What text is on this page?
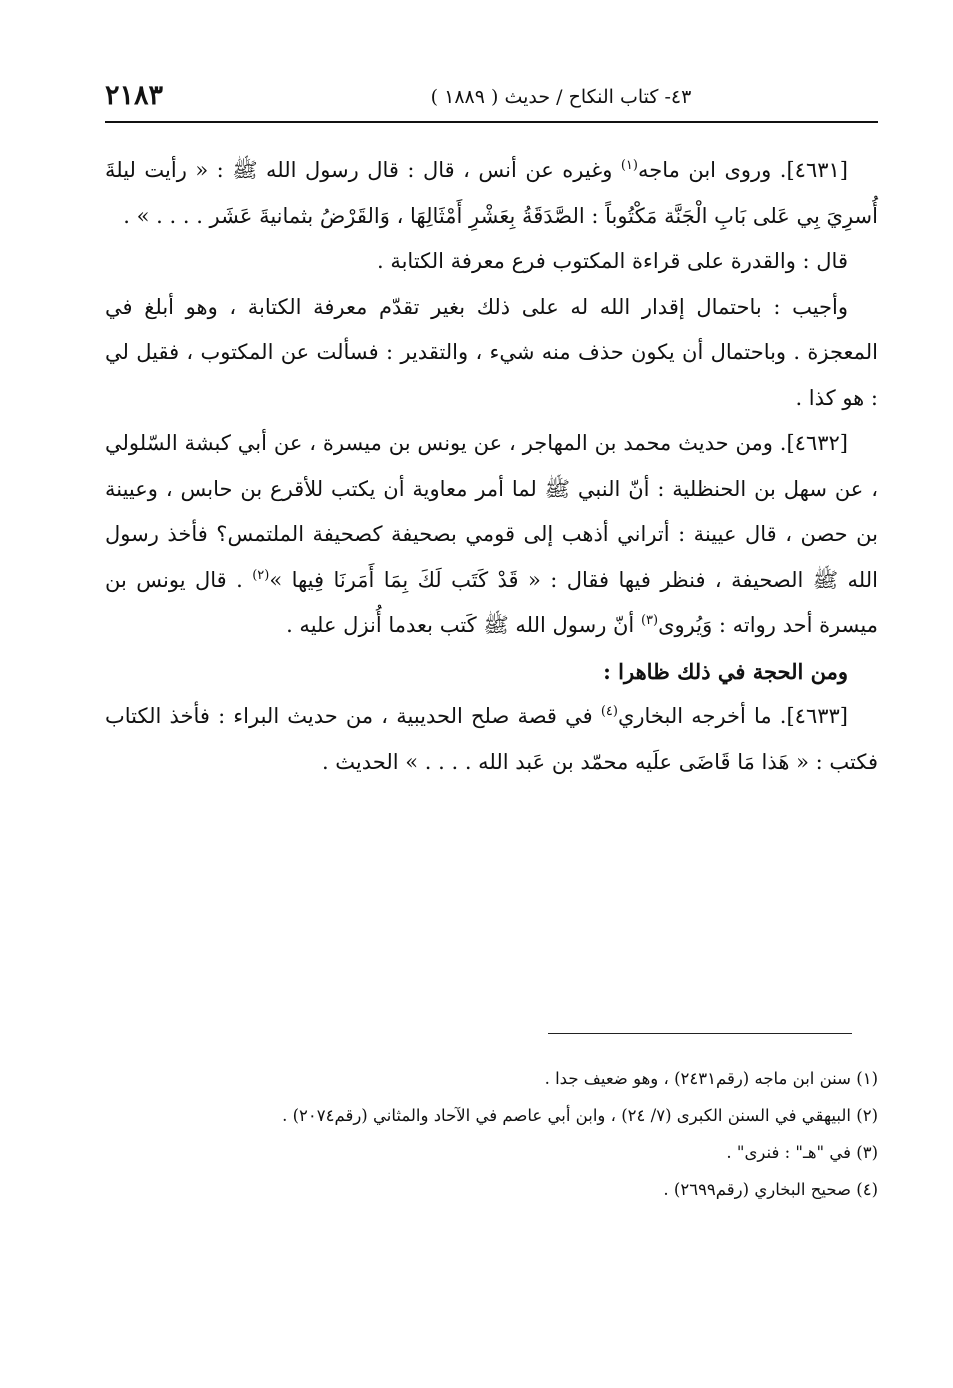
٢١٨٣	٤٣- كتاب النكاح / حديث ( ١٨٨٩ )

[٤٦٣١]. وروى ابن ماجه$^{(١)}$ وغيره عن أنس ، قال : قال رسول الله ﷺ : « رأيت ليلةَ أُسرِيَ بِي عَلى بَابِ الْجَنَّة مَكْتُوباً : الصَّدَقَةُ بِعَشْرِ أَمْثَالِهَا ، وَالقَرْضُ بثمانيةَ عَشَر . . . . » .

قال : والقدرة على قراءة المكتوب فرع معرفة الكتابة .

وأجيب : باحتمال إقدار الله له على ذلك بغير تقدّم معرفة الكتابة ، وهو أبلغ في المعجزة . وباحتمال أن يكون حذف منه شيء ، والتقدير : فسألت عن المكتوب ، فقيل لي : هو كذا .

[٤٦٣٢]. ومن حديث محمد بن المهاجر ، عن يونس بن ميسرة ، عن أبي كبشة السّلولي ، عن سهل بن الحنظلية : أنّ النبي ﷺ لما أمر معاوية أن يكتب للأقرع بن حابس ، وعيينة بن حصن ، قال عيينة : أتراني أذهب إلى قومي بصحيفة كصحيفة الملتمس؟ فأخذ رسول الله ﷺ الصحيفة ، فنظر فيها فقال : « قَدْ كَتَب لَكَ بِمَا أَمَرنَا فِيها »$^{(٢)}$ . قال يونس بن ميسرة أحد رواته : وَيُروى$^{(٣)}$ أنّ رسول الله ﷺ كَتب بعدما أُنزل عليه .

ومن الحجة في ذلك ظاهرا :

[٤٦٣٣]. ما أخرجه البخاري$^{(٤)}$ في قصة صلح الحديبية ، من حديث البراء : فأخذ الكتاب فكتب : « هَذا مَا قَاضَى علَيه محمّد بن عَبد الله . . . . » الحديث .

(١) سنن ابن ماجه (رقم٢٤٣١) ، وهو ضعيف جدا .

(٢) البيهقي في السنن الكبرى (٧/ ٢٤) ، وابن أبي عاصم في الآحاد والمثاني (رقم٢٠٧٤) .

(٣) في "هـ" : فنرى" .

(٤) صحيح البخاري (رقم٢٦٩٩) .
